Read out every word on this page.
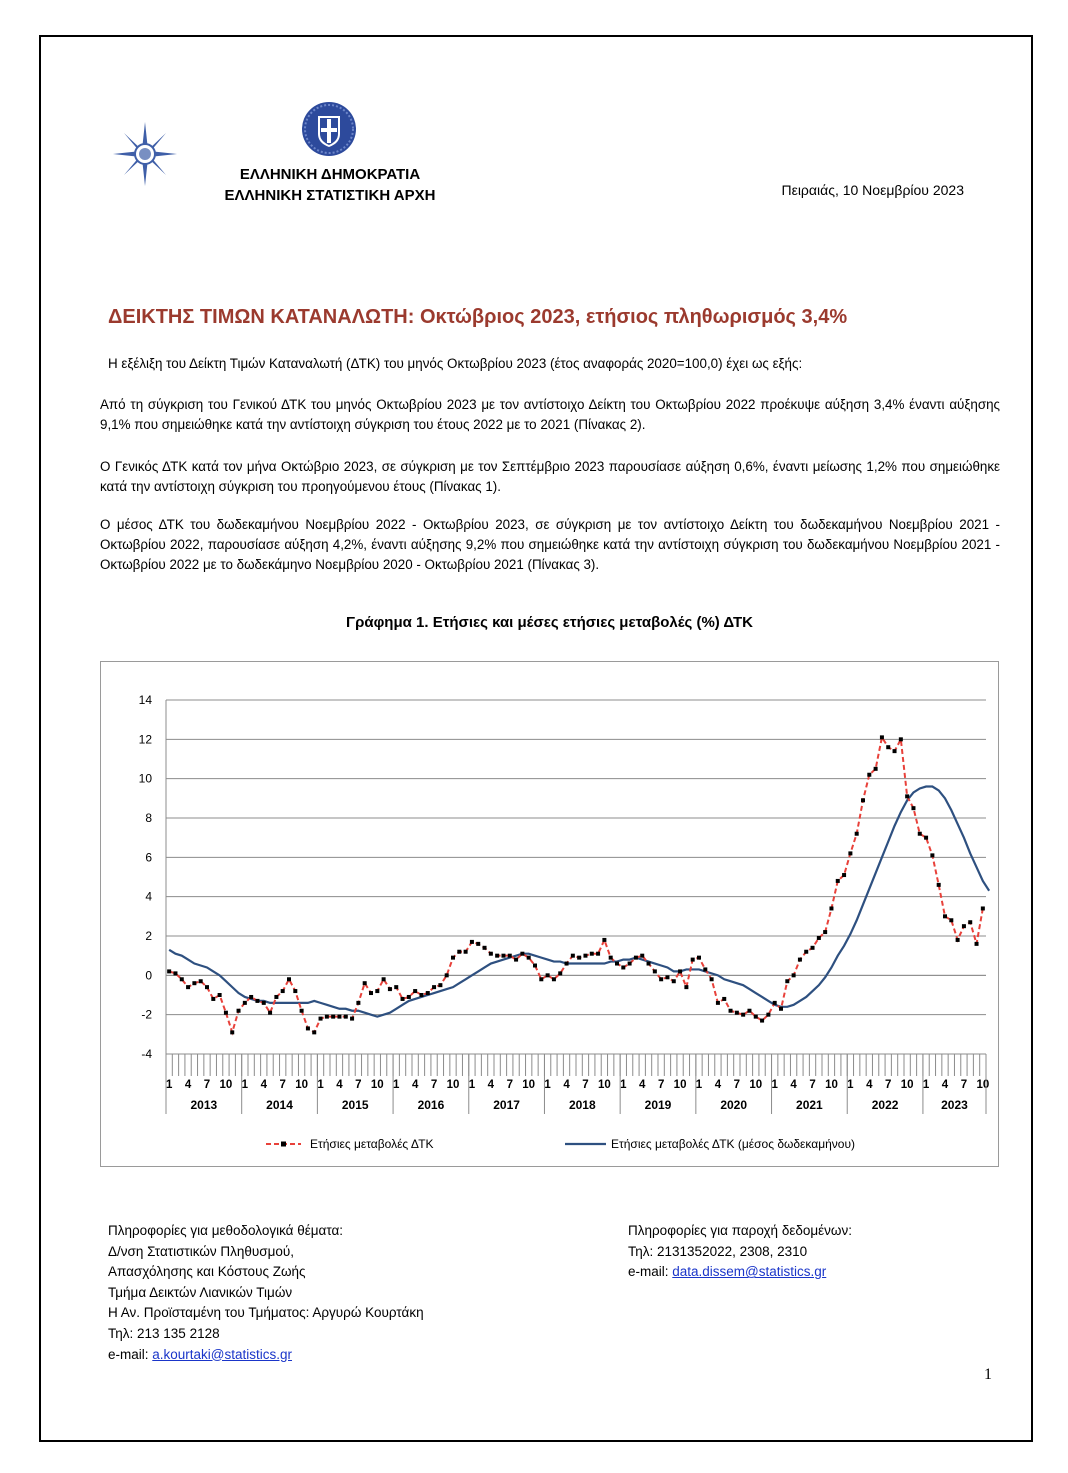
ΕΛΛΗΝΙΚΗ ΔΗΜΟΚΡΑΤΙΑ
ΕΛΛΗΝΙΚΗ ΣΤΑΤΙΣΤΙΚΗ ΑΡΧΗ	Πειραιάς, 10 Νοεμβρίου 2023
ΔΕΙΚΤΗΣ ΤΙΜΩΝ ΚΑΤΑΝΑΛΩΤΗ: Οκτώβριος 2023, ετήσιος πληθωρισμός 3,4%

Η εξέλιξη του Δείκτη Τιμών Καταναλωτή (ΔΤΚ) του μηνός Οκτωβρίου 2023 (έτος αναφοράς 2020=100,0) έχει ως εξής:

Από τη σύγκριση του Γενικού ΔΤΚ του μηνός Οκτωβρίου 2023 με τον αντίστοιχο Δείκτη του Οκτωβρίου 2022 προέκυψε αύξηση 3,4% έναντι αύξησης 9,1% που σημειώθηκε κατά την αντίστοιχη σύγκριση του έτους 2022 με το 2021 (Πίνακας 2).

Ο Γενικός ΔΤΚ κατά τον μήνα Οκτώβριο 2023, σε σύγκριση με τον Σεπτέμβριο 2023 παρουσίασε αύξηση 0,6%, έναντι μείωσης 1,2% που σημειώθηκε κατά την αντίστοιχη σύγκριση του προηγούμενου έτους (Πίνακας 1).

Ο μέσος ΔΤΚ του δωδεκαμήνου Νοεμβρίου 2022 - Οκτωβρίου 2023, σε σύγκριση με τον αντίστοιχο Δείκτη του δωδεκαμήνου Νοεμβρίου 2021 - Οκτωβρίου 2022, παρουσίασε αύξηση 4,2%, έναντι αύξησης 9,2% που σημειώθηκε κατά την αντίστοιχη σύγκριση του δωδεκαμήνου Νοεμβρίου 2021 - Οκτωβρίου 2022 με το δωδεκάμηνο Νοεμβρίου 2020 - Οκτωβρίου 2021 (Πίνακας 3).

Γράφημα 1. Ετήσιες και μέσες ετήσιες μεταβολές (%) ΔΤΚ
-4
-2
0
2
4
6
8
10
12
14
1 4 7 10 1 4 7 10 1 4 7 10 1 4 7 10 1 4 7 10 1 4 7 10 1 4 7 10 1 4 7 10 1 4 7 10 1 4 7 10 1 4 7 10
2013	2014	2015	2016	2017	2018	2019	2020	2021	2022	2023
Ετήσιες μεταβολές ΔΤΚ	Ετήσιες μεταβολές ΔΤΚ (μέσος δωδεκαμήνου)
Πληροφορίες για μεθοδολογικά θέματα:
Δ/νση Στατιστικών Πληθυσμού,
Απασχόλησης και Κόστους Ζωής
Τμήμα Δεικτών Λιανικών Τιμών
Η Αν. Προϊσταμένη του Τμήματος: Αργυρώ Κουρτάκη
Τηλ: 213 135 2128
e-mail: a.kourtaki@statistics.gr
Πληροφορίες για παροχή δεδομένων:
Τηλ: 2131352022, 2308, 2310
e-mail: data.dissem@statistics.gr
1
